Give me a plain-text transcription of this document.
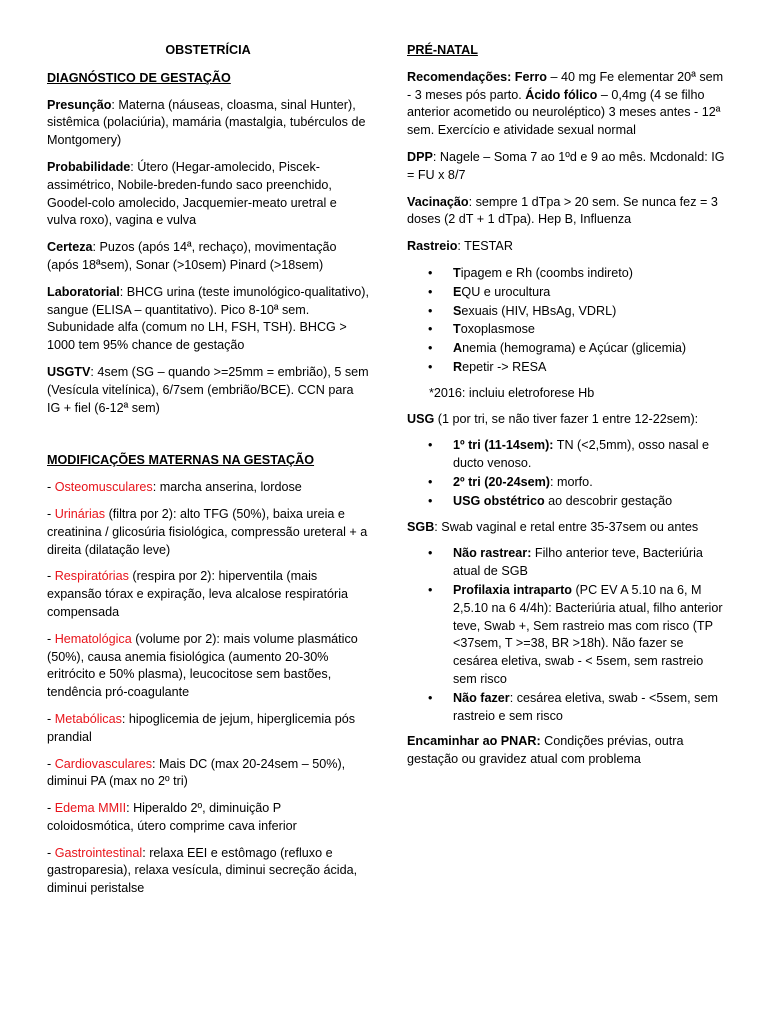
OBSTETRÍCIA
DIAGNÓSTICO DE GESTAÇÃO

Presunção: Materna (náuseas, cloasma, sinal Hunter), sistêmica (polaciúria), mamária (mastalgia, tubérculos de Montgomery)

Probabilidade: Útero (Hegar-amolecido, Piscek-assimétrico, Nobile-breden-fundo saco preenchido, Goodel-colo amolecido, Jacquemier-meato uretral e vulva roxo), vagina e vulva

Certeza: Puzos (após 14ª, rechaço), movimentação (após 18ªsem), Sonar (>10sem) Pinard (>18sem)

Laboratorial: BHCG urina (teste imunológico-qualitativo), sangue (ELISA – quantitativo). Pico 8-10ª sem. Subunidade alfa (comum no LH, FSH, TSH). BHCG > 1000 tem 95% chance de gestação

USGTV: 4sem (SG – quando >=25mm = embrião), 5 sem (Vesícula vitelínica), 6/7sem (embrião/BCE). CCN para IG + fiel (6-12ª sem)

MODIFICAÇÕES MATERNAS NA GESTAÇÃO

- Osteomusculares: marcha anserina, lordose

- Urinárias (filtra por 2): alto TFG (50%), baixa ureia e creatinina / glicosúria fisiológica, compressão ureteral + a direita (dilatação leve)

- Respiratórias (respira por 2): hiperventila (mais expansão tórax e expiração, leva alcalose respiratória compensada

- Hematológica (volume por 2): mais volume plasmático (50%), causa anemia fisiológica (aumento 20-30% eritrócito e 50% plasma), leucocitose sem bastões, tendência pró-coagulante

- Metabólicas: hipoglicemia de jejum, hiperglicemia pós prandial

- Cardiovasculares: Mais DC (max 20-24sem – 50%), diminui PA (max no 2º tri)

- Edema MMII: Hiperaldo 2º, diminuição P coloidosmótica, útero comprime cava inferior

- Gastrointestinal: relaxa EEI e estômago (refluxo e gastroparesia), relaxa vesícula, diminui secreção ácida, diminui peristalse

PRÉ-NATAL

Recomendações: Ferro – 40 mg Fe elementar 20ª sem - 3 meses pós parto. Ácido fólico – 0,4mg (4 se filho anterior acometido ou neuroléptico) 3 meses antes - 12ª sem. Exercício e atividade sexual normal

DPP: Nagele – Soma 7 ao 1ºd e 9 ao mês. Mcdonald: IG = FU x 8/7

Vacinação: sempre 1 dTpa > 20 sem. Se nunca fez = 3 doses (2 dT + 1 dTpa). Hep B, Influenza

Rastreio: TESTAR

• Tipagem e Rh (coombs indireto)
• EQU e urocultura
• Sexuais (HIV, HBsAg, VDRL)
• Toxoplasmose
• Anemia (hemograma) e Açúcar (glicemia)
• Repetir -> RESA
*2016: incluiu eletroforese Hb

USG (1 por tri, se não tiver fazer 1 entre 12-22sem):

• 1º tri (11-14sem): TN (<2,5mm), osso nasal e ducto venoso.
• 2º tri (20-24sem): morfo.
• USG obstétrico ao descobrir gestação

SGB: Swab vaginal e retal entre 35-37sem ou antes

• Não rastrear: Filho anterior teve, Bacteriúria atual de SGB
• Profilaxia intraparto (PC EV A 5.10 na 6, M 2,5.10 na 6 4/4h): Bacteriúria atual, filho anterior teve, Swab +, Sem rastreio mas com risco (TP <37sem, T >=38, BR >18h). Não fazer se cesárea eletiva, swab - < 5sem, sem rastreio sem risco
• Não fazer: cesárea eletiva, swab - <5sem, sem rastreio e sem risco

Encaminhar ao PNAR: Condições prévias, outra gestação ou gravidez atual com problema
